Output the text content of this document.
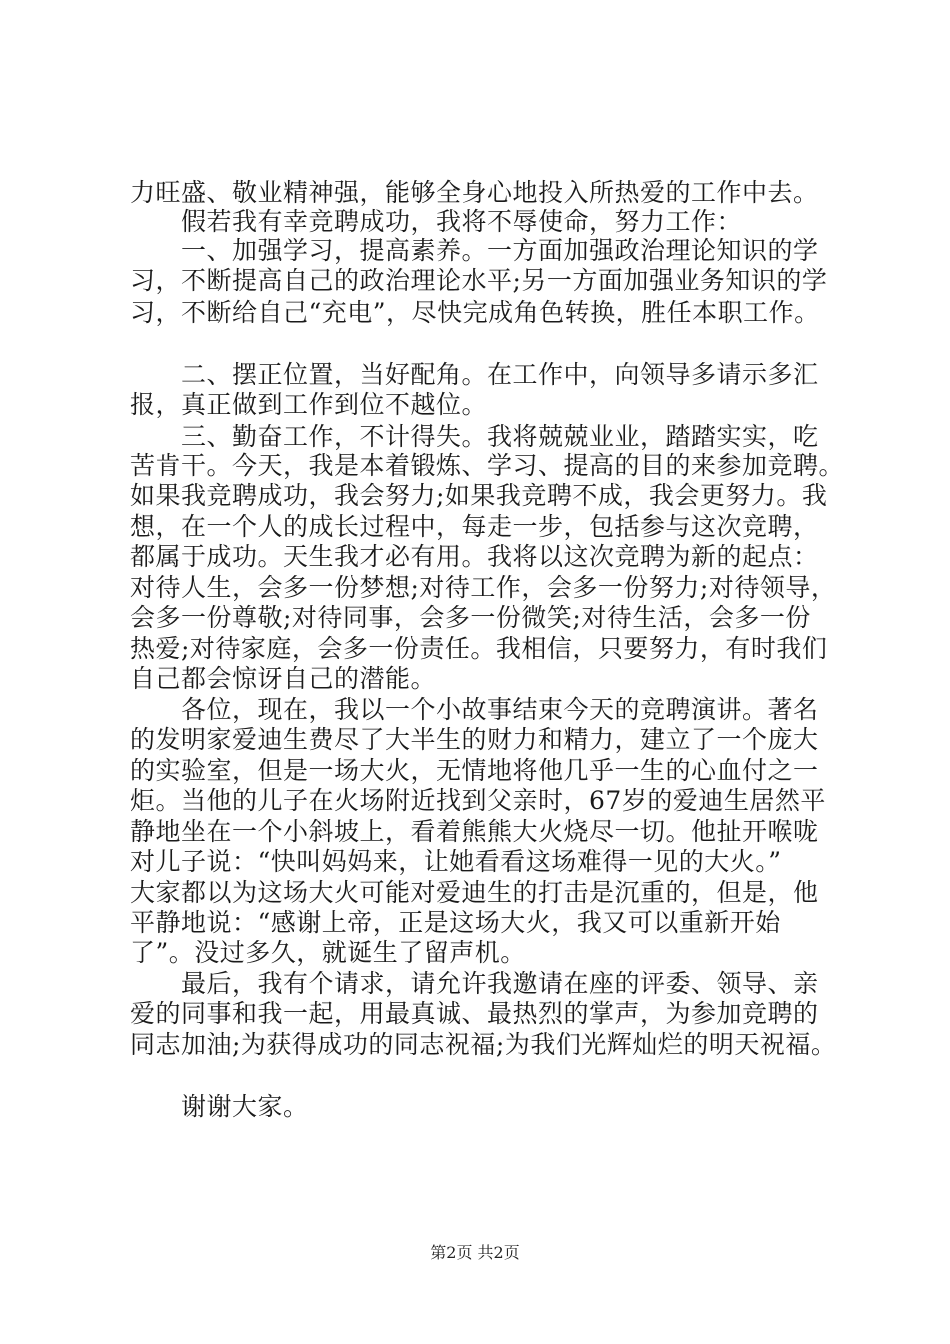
力旺盛、敬业精神强，能够全身心地投入所热爱的工作中去。
　　假若我有幸竞聘成功，我将不辱使命，努力工作：
　　一、加强学习，提高素养。一方面加强政治理论知识的学
习，不断提高自己的政治理论水平;另一方面加强业务知识的学
习，不断给自己“充电”，尽快完成角色转换，胜任本职工作。
　　二、摆正位置，当好配角。在工作中，向领导多请示多汇
报，真正做到工作到位不越位。
　　三、勤奋工作，不计得失。我将兢兢业业，踏踏实实，吃
苦肯干。今天，我是本着锻炼、学习、提高的目的来参加竞聘。
如果我竞聘成功，我会努力;如果我竞聘不成，我会更努力。我
想，在一个人的成长过程中，每走一步，包括参与这次竞聘，
都属于成功。天生我才必有用。我将以这次竞聘为新的起点：
对待人生，会多一份梦想;对待工作，会多一份努力;对待领导，
会多一份尊敬;对待同事，会多一份微笑;对待生活，会多一份
热爱;对待家庭，会多一份责任。我相信，只要努力，有时我们
自己都会惊讶自己的潜能。
　　各位，现在，我以一个小故事结束今天的竞聘演讲。著名
的发明家爱迪生费尽了大半生的财力和精力，建立了一个庞大
的实验室，但是一场大火，无情地将他几乎一生的心血付之一
炬。当他的儿子在火场附近找到父亲时，67岁的爱迪生居然平
静地坐在一个小斜坡上，看着熊熊大火烧尽一切。他扯开喉咙
对儿子说：“快叫妈妈来，让她看看这场难得一见的大火。”
大家都以为这场大火可能对爱迪生的打击是沉重的，但是，他
平静地说：“感谢上帝，正是这场大火，我又可以重新开始
了”。没过多久，就诞生了留声机。
　　最后，我有个请求，请允许我邀请在座的评委、领导、亲
爱的同事和我一起，用最真诚、最热烈的掌声，为参加竞聘的
同志加油;为获得成功的同志祝福;为我们光辉灿烂的明天祝福。
　　谢谢大家。
第2页 共2页
